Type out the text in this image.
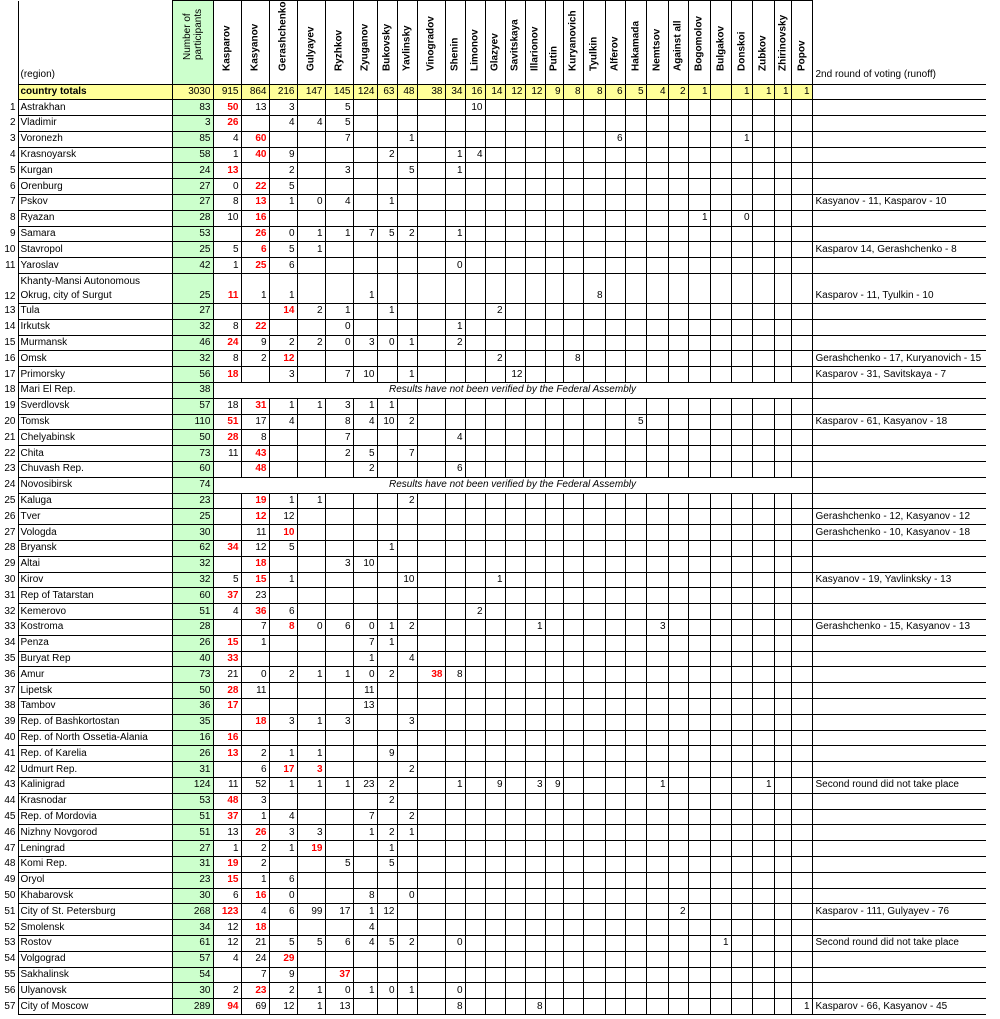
	(region)	Number of participants	Kasparov	Kasyanov	Gerashchenko	Gulyayev	Ryzhkov	Zyuganov	Bukovsky	Yavlinsky	Vinogradov	Shenin	Limonov	Glazyev	Savitskaya	Illarionov	Putin	Kuryanovich	Tyulkin	Alferov	Hakamada	Nemtsov	Against all	Bogomolov	Bulgakov	Donskoi	Zubkov	Zhirinovsky	Popov	2nd round of voting (runoff)
	country totals	3030	915	864	216	147	145	124	63	48	38	34	16	14	12	12	9	8	8	6	5	4	2	1		1	1	1	1	
1	Astrakhan	83	50	13	3		5						10																	
2	Vladimir	3	26		4	4	5																							
3	Voronezh	85	4	60			7			1										6						1				
4	Krasnoyarsk	58	1	40	9				2			1	4																	
5	Kurgan	24	13		2		3			5		1																		
6	Orenburg	27	0	22	5																									
7	Pskov	27	8	13	1	0	4		1																					Kasyanov - 11, Kasparov - 10
8	Ryazan	28	10	16																				1		0				
9	Samara	53		26	0	1	1	7	5	2		1																		
10	Stavropol	25	5	6	5	1																								Kasparov 14, Gerashchenko - 8
11	Yaroslav	42	1	25	6							0																		
12	Khanty-Mansi Autonomous Okrug, city of Surgut	25	11	1	1			1											8											Kasparov - 11, Tyulkin - 10
13	Tula	27			14	2	1		1					2																
14	Irkutsk	32	8	22			0					1																		
15	Murmansk	46	24	9	2	2	0	3	0	1		2																		
16	Omsk	32	8	2	12									2				8												Gerashchenko - 17, Kuryanovich - 15
17	Primorsky	56	18		3		7	10		1					12															Kasparov - 31, Savitskaya - 7
18	Mari El Rep.	38	Results have not been verified by the Federal Assembly																											
19	Sverdlovsk	57	18	31	1	1	3	1	1																					
20	Tomsk	110	51	17	4		8	4	10	2											5									Kasparov - 61, Kasyanov - 18
21	Chelyabinsk	50	28	8			7					4																		
22	Chita	73	11	43			2	5		7																				
23	Chuvash Rep.	60		48				2				6																		
24	Novosibirsk	74	Results have not been verified by the Federal Assembly																											
25	Kaluga	23		19	1	1				2																				
26	Tver	25		12	12																									Gerashchenko - 12, Kasyanov - 12
27	Vologda	30		11	10																									Gerashchenko - 10, Kasyanov - 18
28	Bryansk	62	34	12	5				1																					
29	Altai	32		18			3	10																						
30	Kirov	32	5	15	1					10				1																Kasyanov - 19, Yavlinksky - 13
31	Rep of Tatarstan	60	37	23																										
32	Kemerovo	51	4	36	6								2																	
33	Kostroma	28		7	8	0	6	0	1	2						1						3								Gerashchenko - 15, Kasyanov - 13
34	Penza	26	15	1				7	1																					
35	Buryat Rep	40	33					1		4																				
36	Amur	73	21	0	2	1	1	0	2		38	8																		
37	Lipetsk	50	28	11				11																						
38	Tambov	36	17					13																						
39	Rep. of Bashkortostan	35		18	3	1	3			3																				
40	Rep. of North Ossetia-Alania	16	16																											
41	Rep. of Karelia	26	13	2	1	1			9																					
42	Udmurt Rep.	31		6	17	3				2																				
43	Kalinigrad	124	11	52	1	1	1	23	2			1		9		3	9					1					1			Second round did not take place
44	Krasnodar	53	48	3					2																					
45	Rep. of Mordovia	51	37	1	4			7		2																				
46	Nizhny Novgorod	51	13	26	3	3		1	2	1																				
47	Leningrad	27	1	2	1	19			1																					
48	Komi Rep.	31	19	2			5		5																					
49	Oryol	23	15	1	6																									
50	Khabarovsk	30	6	16	0			8		0																				
51	City of St. Petersburg	268	123	4	6	99	17	1	12														2							Kasparov - 111, Gulyayev - 76
52	Smolensk	34	12	18				4																						
53	Rostov	61	12	21	5	5	6	4	5	2		0													1					Second round did not take place
54	Volgograd	57	4	24	29																									
55	Sakhalinsk	54		7	9		37																							
56	Ulyanovsk	30	2	23	2	1	0	1	0	1		0																		
57	City of Moscow	289	94	69	12	1	13					8				8													1	Kasparov - 66, Kasyanov - 45
